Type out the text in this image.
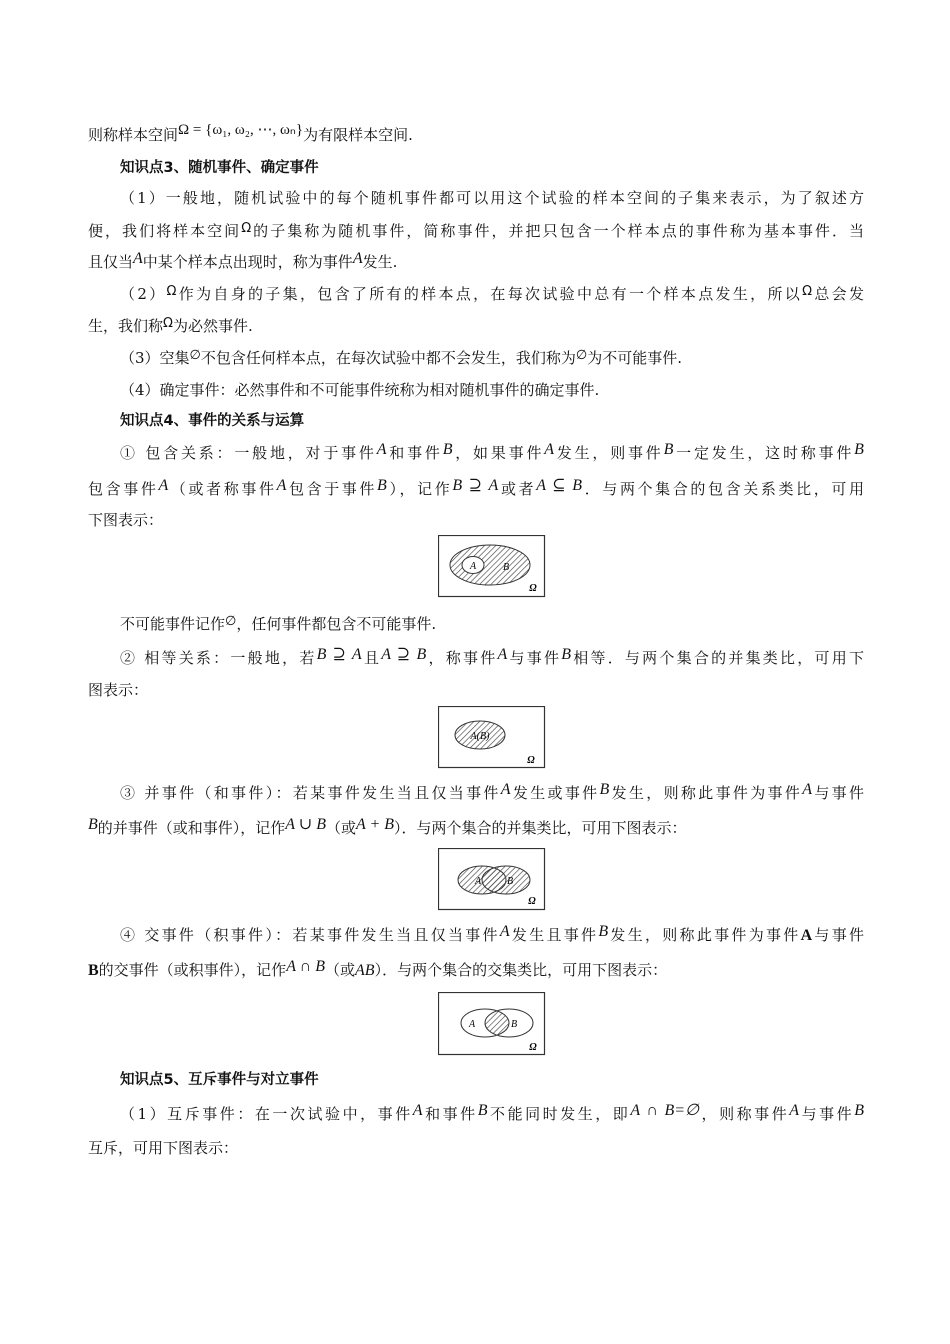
则称样本空间Ω = {ω₁, ω₂, ⋯, ωₙ}为有限样本空间.
知识点3、随机事件、确定事件
（1）一般地，随机试验中的每个随机事件都可以用这个试验的样本空间的子集来表示，为了叙述方
便，我们将样本空间Ω的子集称为随机事件，简称事件，并把只包含一个样本点的事件称为基本事件．当
且仅当A中某个样本点出现时，称为事件A发生.
（2）Ω作为自身的子集，包含了所有的样本点，在每次试验中总有一个样本点发生，所以Ω总会发
生，我们称Ω为必然事件.
（3）空集∅不包含任何样本点，在每次试验中都不会发生，我们称为∅为不可能事件.
（4）确定事件：必然事件和不可能事件统称为相对随机事件的确定事件.
知识点4、事件的关系与运算
① 包含关系：一般地，对于事件A和事件B，如果事件A发生，则事件B一定发生，这时称事件B
包含事件A（或者称事件A包含于事件B），记作B ⊇ A或者A ⊆ B．与两个集合的包含关系类比，可用
下图表示：
A	B
Ω
不可能事件记作∅，任何事件都包含不可能事件.
② 相等关系：一般地，若B ⊇ A且A ⊇ B，称事件A与事件B相等．与两个集合的并集类比，可用下
图表示：
A(B)
Ω
③ 并事件（和事件）：若某事件发生当且仅当事件A发生或事件B发生，则称此事件为事件A与事件
B的并事件（或和事件），记作A ∪ B（或A + B）．与两个集合的并集类比，可用下图表示：
A	B
Ω
④ 交事件（积事件）：若某事件发生当且仅当事件A发生且事件B发生，则称此事件为事件A与事件
B的交事件（或积事件），记作A ∩ B（或AB）．与两个集合的交集类比，可用下图表示：
A	B
Ω
知识点5、互斥事件与对立事件
（1）互斥事件：在一次试验中，事件A和事件B不能同时发生，即A ∩ B=∅，则称事件A与事件B
互斥，可用下图表示：
